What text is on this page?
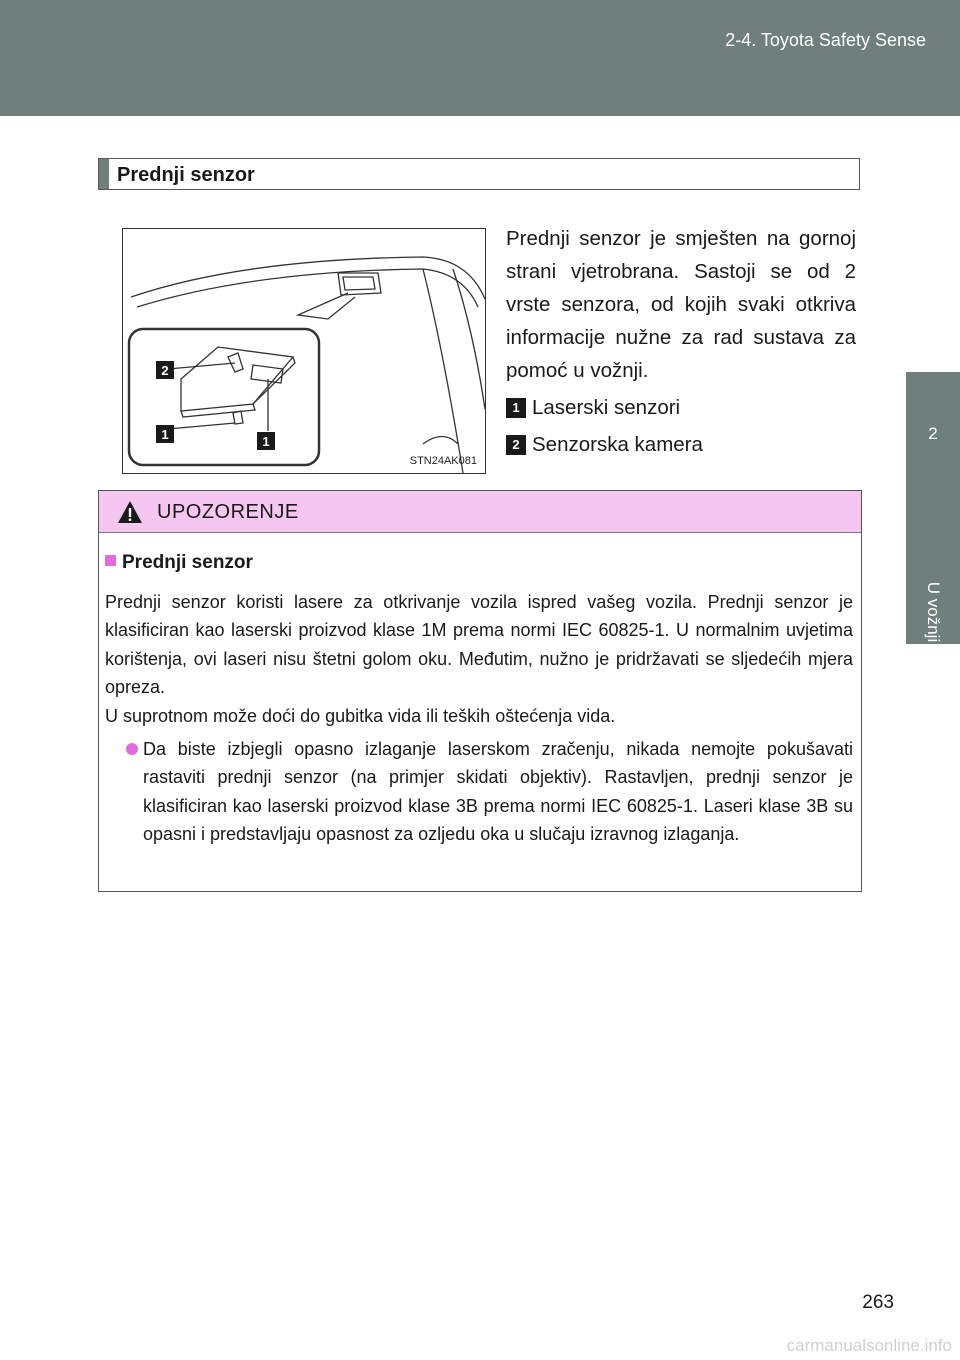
2-4. Toyota Safety Sense
2
U vožnji
Prednji senzor
2
1	1
STN24AK081
Prednji senzor je smješten na gornoj strani vjetrobrana. Sastoji se od 2 vrste senzora, od kojih svaki otkriva informacije nužne za rad sustava za pomoć u vožnji.
1 Laserski senzori
2 Senzorska kamera
UPOZORENJE
Prednji senzor

Prednji senzor koristi lasere za otkrivanje vozila ispred vašeg vozila. Prednji senzor je klasificiran kao laserski proizvod klase 1M prema normi IEC 60825-1. U normalnim uvjetima korištenja, ovi laseri nisu štetni golom oku. Međutim, nužno je pridržavati se sljedećih mjera opreza.

U suprotnom može doći do gubitka vida ili teških oštećenja vida.

Da biste izbjegli opasno izlaganje laserskom zračenju, nikada nemojte pokušavati rastaviti prednji senzor (na primjer skidati objektiv). Rastavljen, prednji senzor je klasificiran kao laserski proizvod klase 3B prema normi IEC 60825-1. Laseri klase 3B su opasni i predstavljaju opasnost za ozljedu oka u slučaju izravnog izlaganja.
263
carmanualsonline.info
